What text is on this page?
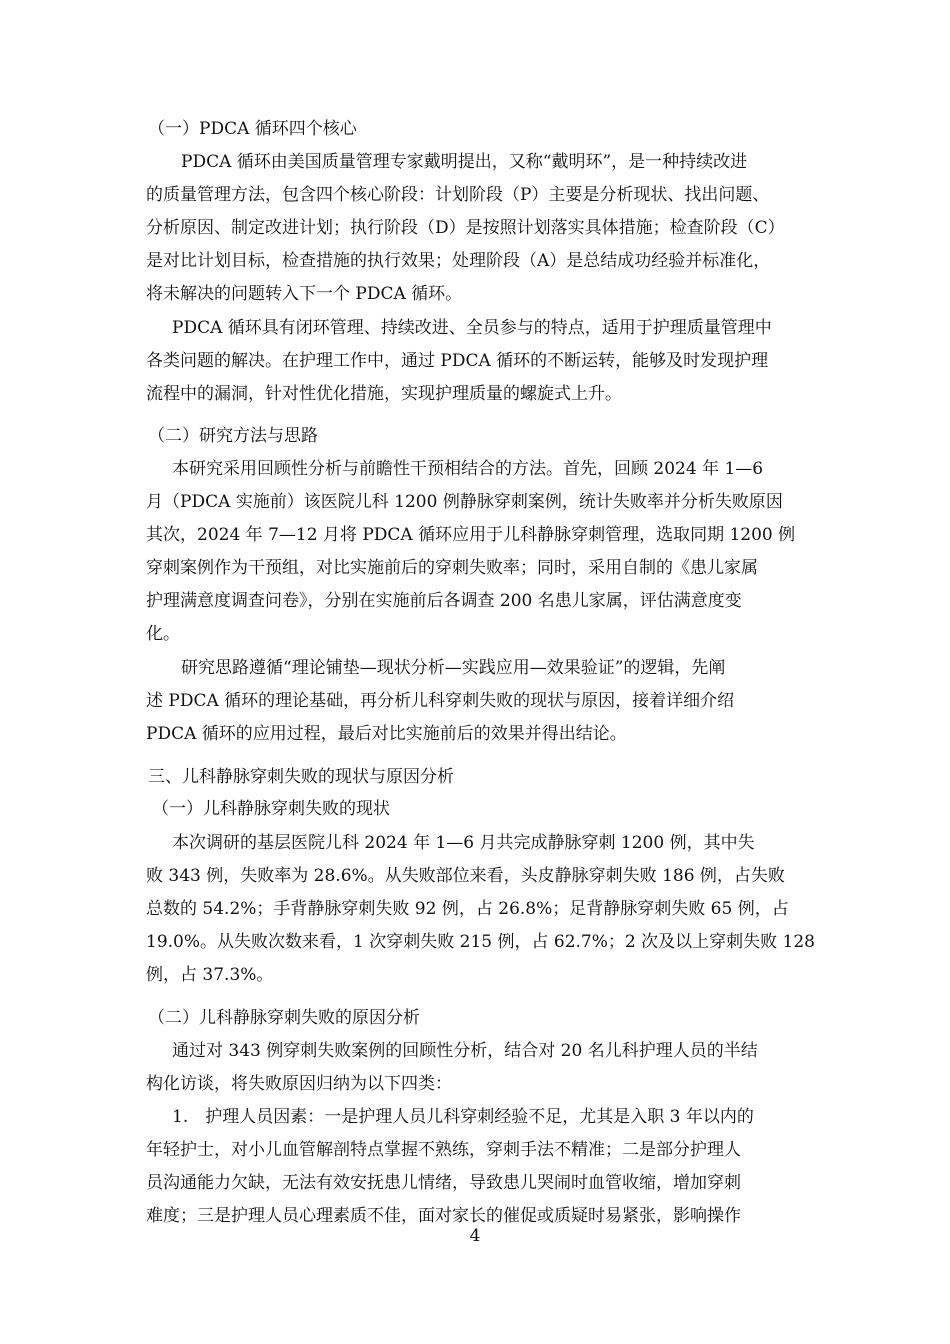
（一）PDCA 循环四个核心
PDCA 循环由美国质量管理专家戴明提出，又称“戴明环”，是一种持续改进
的质量管理方法，包含四个核心阶段：计划阶段（P）主要是分析现状、找出问题、
分析原因、制定改进计划；执行阶段（D）是按照计划落实具体措施；检查阶段（C）
是对比计划目标，检查措施的执行效果；处理阶段（A）是总结成功经验并标准化，
将未解决的问题转入下一个 PDCA 循环。
PDCA 循环具有闭环管理、持续改进、全员参与的特点，适用于护理质量管理中
各类问题的解决。在护理工作中，通过 PDCA 循环的不断运转，能够及时发现护理
流程中的漏洞，针对性优化措施，实现护理质量的螺旋式上升。
（二）研究方法与思路
本研究采用回顾性分析与前瞻性干预相结合的方法。首先，回顾 2024 年 1—6
月（PDCA 实施前）该医院儿科 1200 例静脉穿刺案例，统计失败率并分析失败原因
其次，2024 年 7—12 月将 PDCA 循环应用于儿科静脉穿刺管理，选取同期 1200 例
穿刺案例作为干预组，对比实施前后的穿刺失败率；同时，采用自制的《患儿家属
护理满意度调查问卷》，分别在实施前后各调查 200 名患儿家属，评估满意度变
化。
研究思路遵循“理论铺垫—现状分析—实践应用—效果验证”的逻辑，先阐
述 PDCA 循环的理论基础，再分析儿科穿刺失败的现状与原因，接着详细介绍
PDCA 循环的应用过程，最后对比实施前后的效果并得出结论。
三、儿科静脉穿刺失败的现状与原因分析
（一）儿科静脉穿刺失败的现状
本次调研的基层医院儿科 2024 年 1—6 月共完成静脉穿刺 1200 例，其中失
败 343 例，失败率为 28.6%。从失败部位来看，头皮静脉穿刺失败 186 例，占失败
总数的 54.2%；手背静脉穿刺失败 92 例，占 26.8%；足背静脉穿刺失败 65 例，占
19.0%。从失败次数来看，1 次穿刺失败 215 例，占 62.7%；2 次及以上穿刺失败 128
例，占 37.3%。
（二）儿科静脉穿刺失败的原因分析
通过对 343 例穿刺失败案例的回顾性分析，结合对 20 名儿科护理人员的半结
构化访谈，将失败原因归纳为以下四类：
1.　护理人员因素：一是护理人员儿科穿刺经验不足，尤其是入职 3 年以内的
年轻护士，对小儿血管解剖特点掌握不熟练，穿刺手法不精准；二是部分护理人
员沟通能力欠缺，无法有效安抚患儿情绪，导致患儿哭闹时血管收缩，增加穿刺
难度；三是护理人员心理素质不佳，面对家长的催促或质疑时易紧张，影响操作
4
